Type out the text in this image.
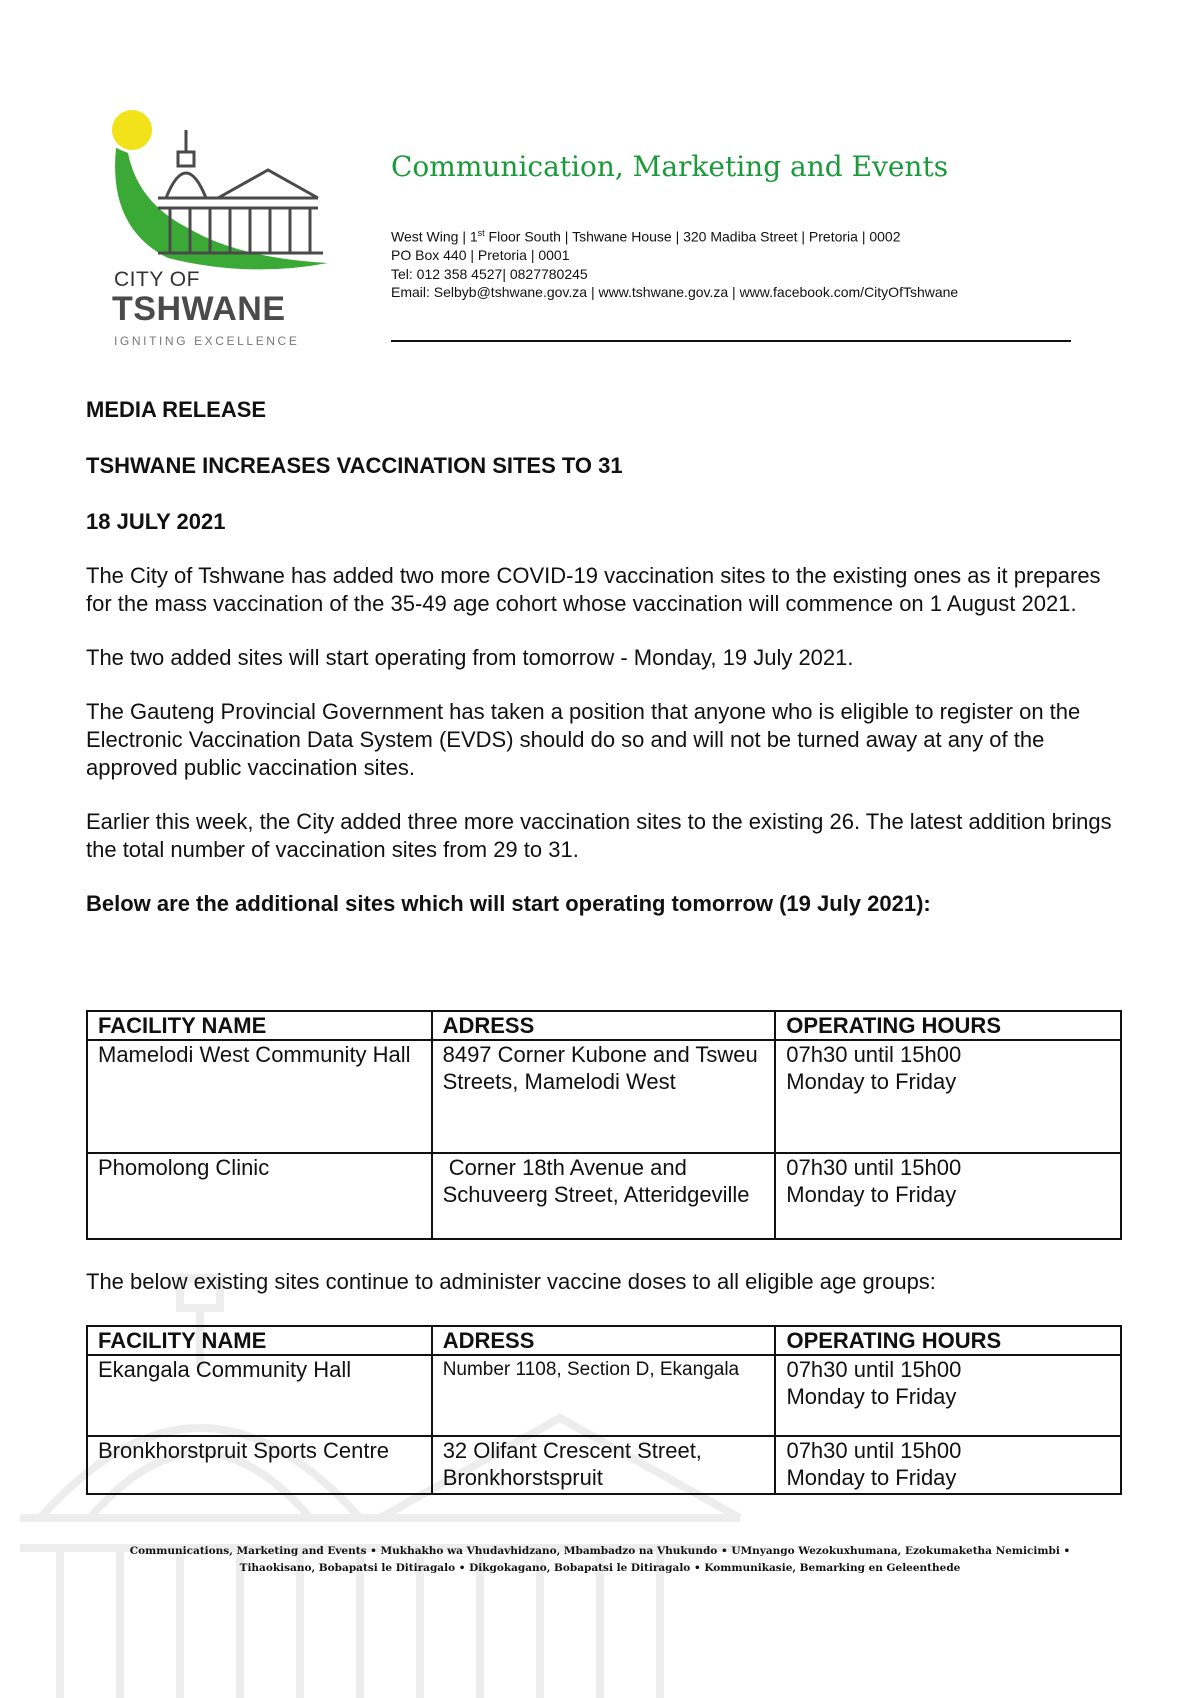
CITY OF
TSHWANE
IGNITING EXCELLENCE
Communication, Marketing and Events
West Wing | 1st Floor South | Tshwane House | 320 Madiba Street | Pretoria | 0002
PO Box 440 | Pretoria | 0001
Tel: 012 358 4527| 0827780245
Email: Selbyb@tshwane.gov.za | www.tshwane.gov.za | www.facebook.com/CityOfTshwane

MEDIA RELEASE

TSHWANE INCREASES VACCINATION SITES TO 31

18 JULY 2021

The City of Tshwane has added two more COVID-19 vaccination sites to the existing ones as it prepares for the mass vaccination of the 35-49 age cohort whose vaccination will commence on 1 August 2021.

The two added sites will start operating from tomorrow - Monday, 19 July 2021.

The Gauteng Provincial Government has taken a position that anyone who is eligible to register on the Electronic Vaccination Data System (EVDS) should do so and will not be turned away at any of the approved public vaccination sites.

Earlier this week, the City added three more vaccination sites to the existing 26. The latest addition brings the total number of vaccination sites from 29 to 31.

Below are the additional sites which will start operating tomorrow (19 July 2021):

FACILITY NAME	ADRESS	OPERATING HOURS
Mamelodi West Community Hall	8497 Corner Kubone and Tsweu Streets, Mamelodi West	07h30 until 15h00
Monday to Friday

Phomolong Clinic	Corner 18th Avenue and Schuveerg Street, Atteridgeville	07h30 until 15h00
Monday to Friday
The below existing sites continue to administer vaccine doses to all eligible age groups:
FACILITY NAME	ADRESS	OPERATING HOURS
Ekangala Community Hall	Number 1108, Section D, Ekangala	07h30 until 15h00
Monday to Friday

Bronkhorstpruit Sports Centre	32 Olifant Crescent Street, Bronkhorstspruit	07h30 until 15h00
Monday to Friday
Communications, Marketing and Events • Mukhakho wa Vhudavhidzano, Mbambadzo na Vhukundo • UMnyango Wezokuxhumana, Ezokumaketha Nemicimbi •
Tihaokisano, Bobapatsi le Ditiragalo • Dikgokagano, Bobapatsi le Ditiragalo • Kommunikasie, Bemarking en Geleenthede
